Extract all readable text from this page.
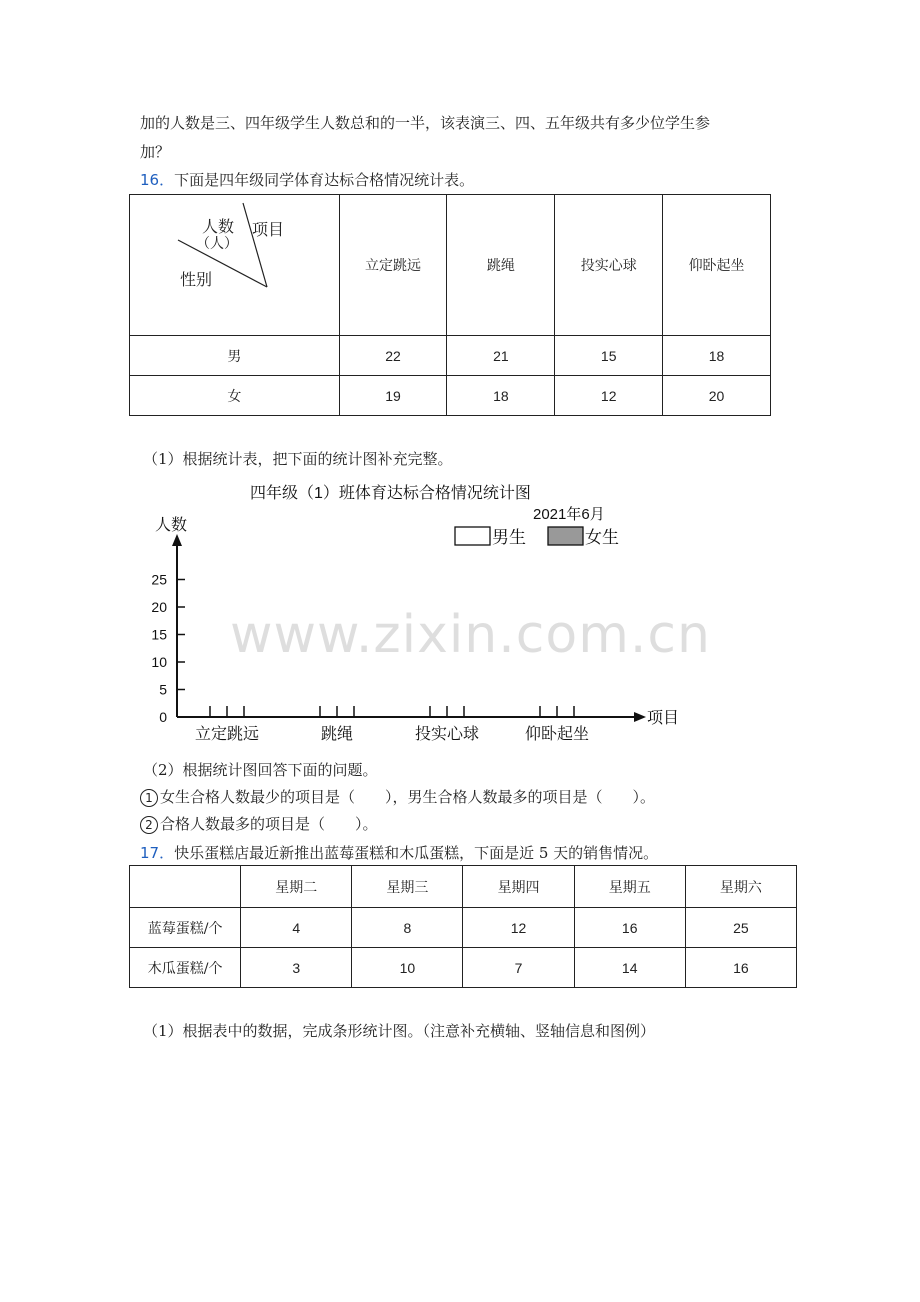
加的人数是三、四年级学生人数总和的一半，该表演三、四、五年级共有多少位学生参
加？
16．下面是四年级同学体育达标合格情况统计表。
人数
（人）
项目
性别	立定跳远	跳绳	投实心球	仰卧起坐
男	22	21	15	18
女	19	18	12	20
（1）根据统计表，把下面的统计图补充完整。
四年级（1）班体育达标合格情况统计图
2021年6月
人数
项目
0
5
10
15
20
25
立定跳远	跳绳	投实心球	仰卧起坐
男生	女生
www.zixin.com.cn
（2）根据统计图回答下面的问题。
1 女生合格人数最少的项目是（　　），男生合格人数最多的项目是（　　）。
2 合格人数最多的项目是（　　）。
17．快乐蛋糕店最近新推出蓝莓蛋糕和木瓜蛋糕，下面是近 5 天的销售情况。
	星期二	星期三	星期四	星期五	星期六
蓝莓蛋糕/个	4	8	12	16	25
木瓜蛋糕/个	3	10	7	14	16
（1）根据表中的数据，完成条形统计图。（注意补充横轴、竖轴信息和图例）
